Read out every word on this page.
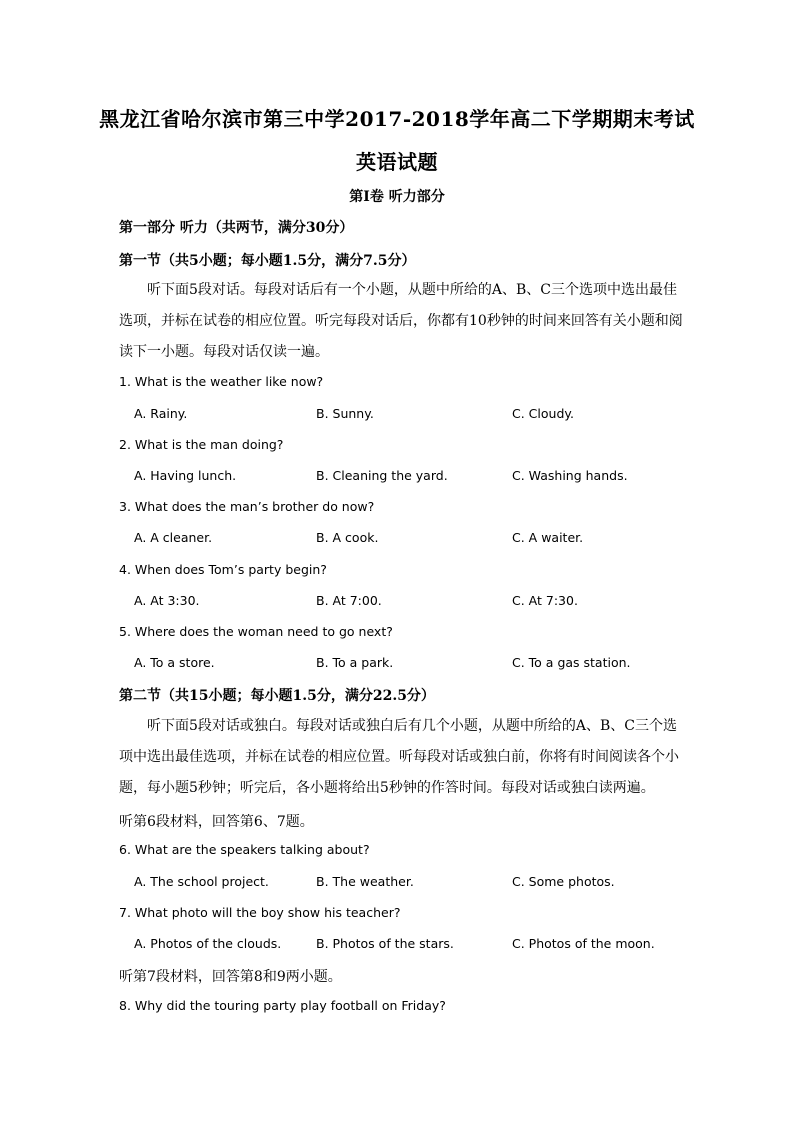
黑龙江省哈尔滨市第三中学2017-2018学年高二下学期期末考试
英语试题
第Ⅰ卷 听力部分
第一部分 听力（共两节，满分30分）
第一节（共5小题；每小题1.5分，满分7.5分）
听下面5段对话。每段对话后有一个小题，从题中所给的A、B、C三个选项中选出最佳选项，并标在试卷的相应位置。听完每段对话后，你都有10秒钟的时间来回答有关小题和阅读下一小题。每段对话仅读一遍。
1. What is the weather like now?
A. Rainy.	B. Sunny.	C. Cloudy.
2. What is the man doing?
A. Having lunch.	B. Cleaning the yard.	C. Washing hands.
3. What does the man’s brother do now?
A. A cleaner.	B. A cook.	C. A waiter.
4. When does Tom’s party begin?
A. At 3:30.	B. At 7:00.	C. At 7:30.
5. Where does the woman need to go next?
A. To a store.	B. To a park.	C. To a gas station.
第二节（共15小题；每小题1.5分，满分22.5分）
听下面5段对话或独白。每段对话或独白后有几个小题，从题中所给的A、B、C三个选项中选出最佳选项，并标在试卷的相应位置。听每段对话或独白前，你将有时间阅读各个小题，每小题5秒钟；听完后，各小题将给出5秒钟的作答时间。每段对话或独白读两遍。
听第6段材料，回答第6、7题。
6. What are the speakers talking about?
A. The school project.	B. The weather.	C. Some photos.
7. What photo will the boy show his teacher?
A. Photos of the clouds.	B. Photos of the stars.	C. Photos of the moon.
听第7段材料，回答第8和9两小题。
8. Why did the touring party play football on Friday?
